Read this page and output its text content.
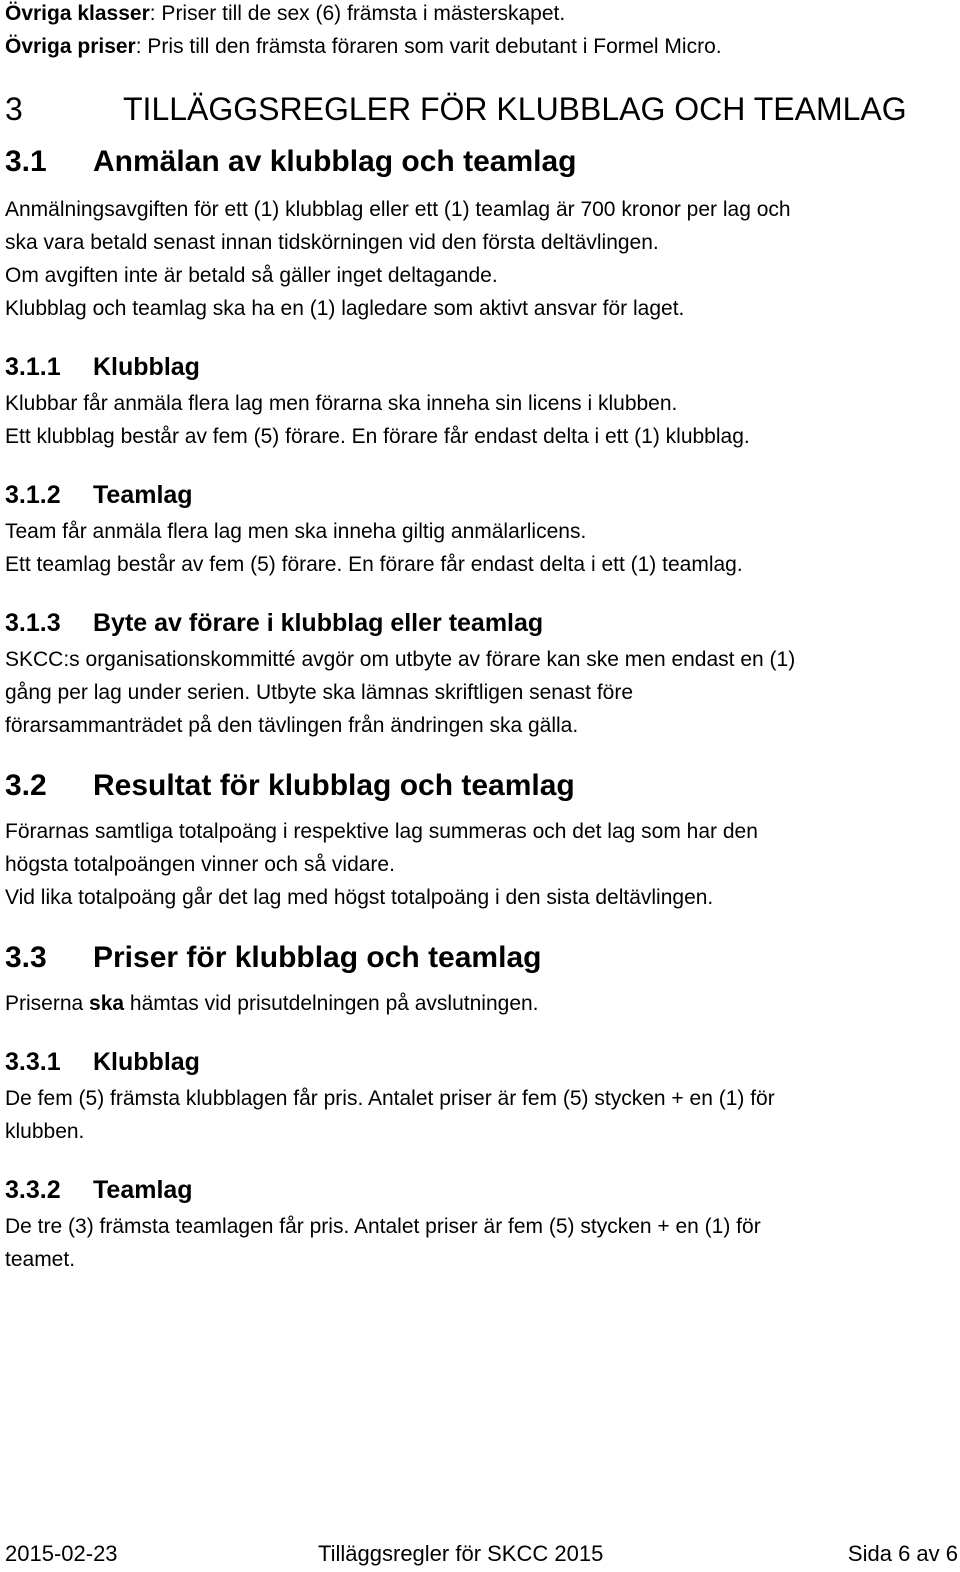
Övriga klasser: Priser till de sex (6) främsta i mästerskapet.
Övriga priser: Pris till den främsta föraren som varit debutant i Formel Micro.
3	TILLÄGGSREGLER FÖR KLUBBLAG OCH TEAMLAG
3.1 Anmälan av klubblag och teamlag
Anmälningsavgiften för ett (1) klubblag eller ett (1) teamlag är 700 kronor per lag och
ska vara betald senast innan tidskörningen vid den första deltävlingen.
Om avgiften inte är betald så gäller inget deltagande.
Klubblag och teamlag ska ha en (1) lagledare som aktivt ansvar för laget.
3.1.1 Klubblag
Klubbar får anmäla flera lag men förarna ska inneha sin licens i klubben.
Ett klubblag består av fem (5) förare. En förare får endast delta i ett (1) klubblag.
3.1.2 Teamlag
Team får anmäla flera lag men ska inneha giltig anmälarlicens.
Ett teamlag består av fem (5) förare. En förare får endast delta i ett (1) teamlag.
3.1.3 Byte av förare i klubblag eller teamlag
SKCC:s organisationskommitté avgör om utbyte av förare kan ske men endast en (1)
gång per lag under serien. Utbyte ska lämnas skriftligen senast före
förarsammanträdet på den tävlingen från ändringen ska gälla.
3.2 Resultat för klubblag och teamlag
Förarnas samtliga totalpoäng i respektive lag summeras och det lag som har den
högsta totalpoängen vinner och så vidare.
Vid lika totalpoäng går det lag med högst totalpoäng i den sista deltävlingen.
3.3 Priser för klubblag och teamlag
Priserna ska hämtas vid prisutdelningen på avslutningen.
3.3.1 Klubblag
De fem (5) främsta klubblagen får pris. Antalet priser är fem (5) stycken + en (1) för
klubben.
3.3.2 Teamlag
De tre (3) främsta teamlagen får pris. Antalet priser är fem (5) stycken + en (1) för
teamet.
2015-02-23	Tilläggsregler för SKCC 2015	Sida 6 av 6
